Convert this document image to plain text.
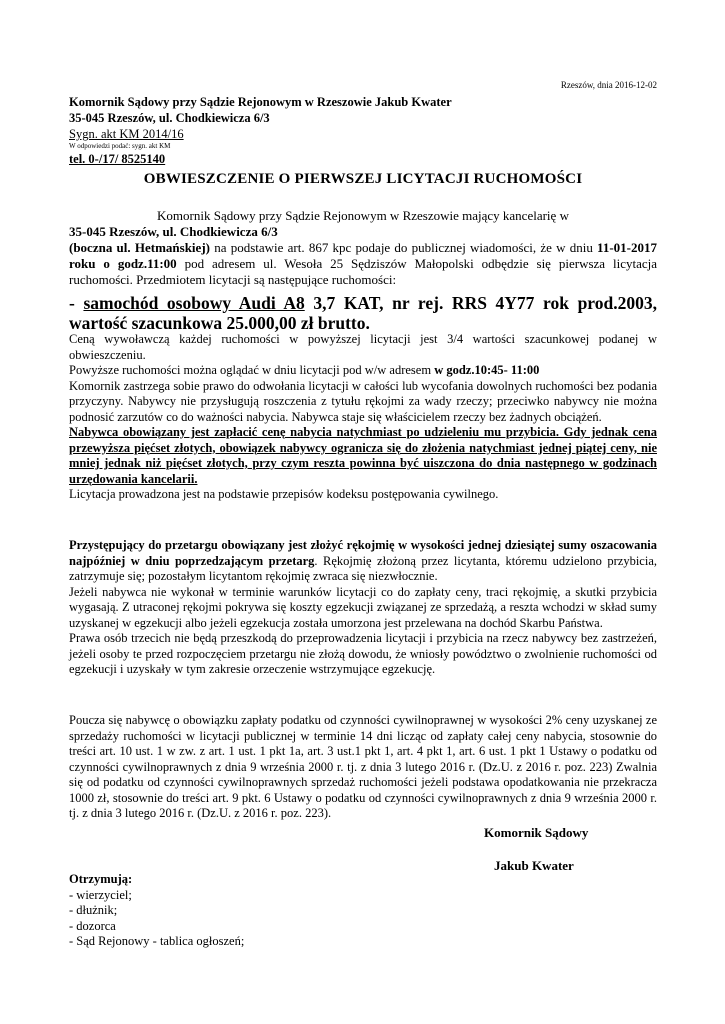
Rzeszów, dnia 2016-12-02
Komornik Sądowy przy Sądzie Rejonowym w Rzeszowie Jakub Kwater
35-045 Rzeszów, ul. Chodkiewicza 6/3
Sygn. akt KM 2014/16
W odpowiedzi podać: sygn. akt KM
tel. 0-/17/ 8525140
OBWIESZCZENIE O PIERWSZEJ LICYTACJI RUCHOMOŚCI
Komornik Sądowy przy Sądzie Rejonowym w Rzeszowie mający kancelarię w
35-045 Rzeszów, ul. Chodkiewicza 6/3
(boczna ul. Hetmańskiej) na podstawie art. 867 kpc podaje do publicznej wiadomości, że w dniu 11-01-2017 roku o godz.11:00 pod adresem ul. Wesoła 25 Sędziszów Małopolski odbędzie się pierwsza licytacja ruchomości. Przedmiotem licytacji są następujące ruchomości:
- samochód osobowy Audi A8 3,7 KAT, nr rej. RRS 4Y77 rok prod.2003, wartość szacunkowa 25.000,00 zł brutto.

Ceną wywoławczą każdej ruchomości w powyższej licytacji jest 3/4 wartości szacunkowej podanej w obwieszczeniu.

Powyższe ruchomości można oglądać w dniu licytacji pod w/w adresem w godz.10:45- 11:00

Komornik zastrzega sobie prawo do odwołania licytacji w całości lub wycofania dowolnych ruchomości bez podania przyczyny. Nabywcy nie przysługują roszczenia z tytułu rękojmi za wady rzeczy; przeciwko nabywcy nie można podnosić zarzutów co do ważności nabycia. Nabywca staje się właścicielem rzeczy bez żadnych obciążeń.

Nabywca obowiązany jest zapłacić cenę nabycia natychmiast po udzieleniu mu przybicia. Gdy jednak cena przewyższa pięćset złotych, obowiązek nabywcy ogranicza się do złożenia natychmiast jednej piątej ceny, nie mniej jednak niż pięćset złotych, przy czym reszta powinna być uiszczona do dnia następnego w godzinach urzędowania kancelarii.

Licytacja prowadzona jest na podstawie przepisów kodeksu postępowania cywilnego.

Przystępujący do przetargu obowiązany jest złożyć rękojmię w wysokości jednej dziesiątej sumy oszacowania najpóźniej w dniu poprzedzającym przetarg. Rękojmię złożoną przez licytanta, któremu udzielono przybicia, zatrzymuje się; pozostałym licytantom rękojmię zwraca się niezwłocznie.

Jeżeli nabywca nie wykonał w terminie warunków licytacji co do zapłaty ceny, traci rękojmię, a skutki przybicia wygasają. Z utraconej rękojmi pokrywa się koszty egzekucji związanej ze sprzedażą, a reszta wchodzi w skład sumy uzyskanej w egzekucji albo jeżeli egzekucja została umorzona jest przelewana na dochód Skarbu Państwa.

Prawa osób trzecich nie będą przeszkodą do przeprowadzenia licytacji i przybicia na rzecz nabywcy bez zastrzeżeń, jeżeli osoby te przed rozpoczęciem przetargu nie złożą dowodu, że wniosły powództwo o zwolnienie ruchomości od egzekucji i uzyskały w tym zakresie orzeczenie wstrzymujące egzekucję.

Poucza się nabywcę o obowiązku zapłaty podatku od czynności cywilnoprawnej w wysokości 2% ceny uzyskanej ze sprzedaży ruchomości w licytacji publicznej w terminie 14 dni licząc od zapłaty całej ceny nabycia, stosownie do treści art. 10 ust. 1 w zw. z art. 1 ust. 1 pkt 1a, art. 3 ust.1 pkt 1, art. 4 pkt 1, art. 6 ust. 1 pkt 1 Ustawy o podatku od czynności cywilnoprawnych z dnia 9 września 2000 r. tj. z dnia 3 lutego 2016 r. (Dz.U. z 2016 r. poz. 223) Zwalnia się od podatku od czynności cywilnoprawnych sprzedaż ruchomości jeżeli podstawa opodatkowania nie przekracza 1000 zł, stosownie do treści art. 9 pkt. 6 Ustawy o podatku od czynności cywilnoprawnych z dnia 9 września 2000 r. tj. z dnia 3 lutego 2016 r. (Dz.U. z 2016 r. poz. 223).

Komornik Sądowy
Jakub Kwater
Otrzymują:
- wierzyciel;
- dłużnik;
- dozorca
- Sąd Rejonowy - tablica ogłoszeń;
